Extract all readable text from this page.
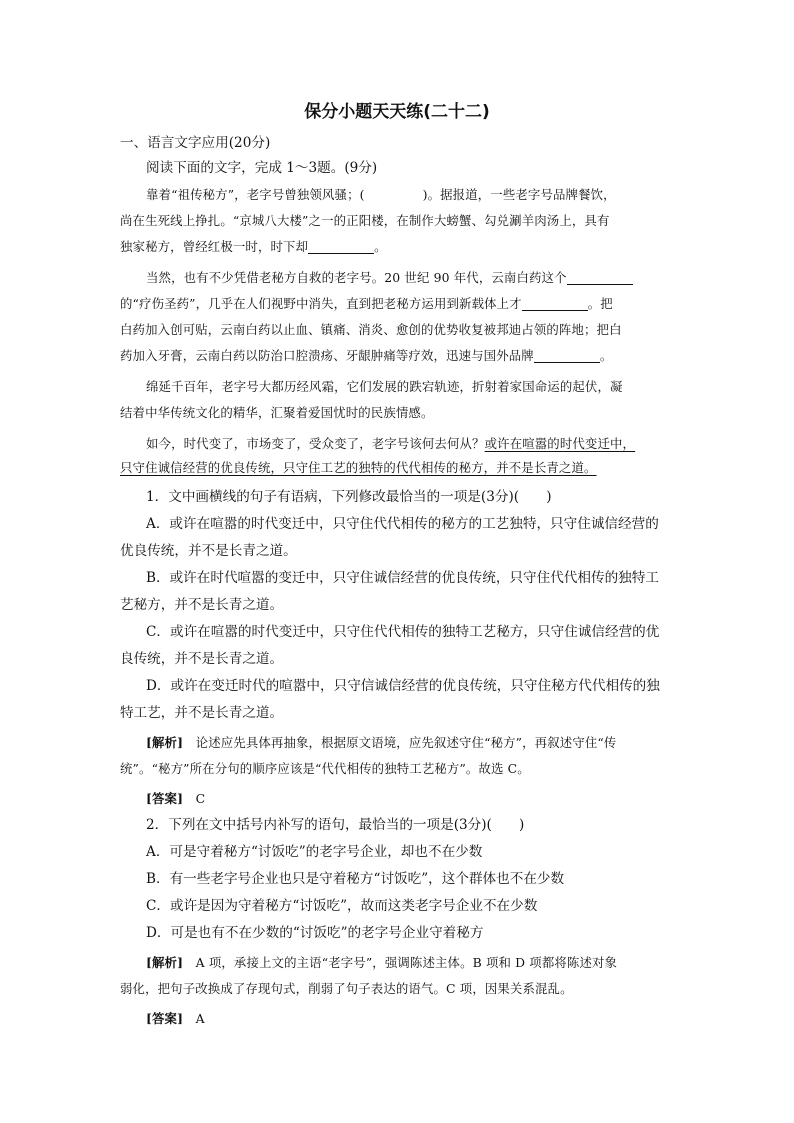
保分小题天天练(二十二)
一、语言文字应用(20分)
阅读下面的文字，完成 1～3题。(9分)
靠着“祖传秘方”，老字号曾独领风骚；(	)。据报道，一些老字号品牌餐饮，
尚在生死线上挣扎。“京城八大楼”之一的正阳楼，在制作大螃蟹、勾兑涮羊肉汤上，具有
独家秘方，曾经红极一时，时下却	。
当然，也有不少凭借老秘方自救的老字号。20 世纪 90 年代，云南白药这个
的“疗伤圣药”，几乎在人们视野中消失，直到把老秘方运用到新载体上才	。把
白药加入创可贴，云南白药以止血、镇痛、消炎、愈创的优势收复被邦迪占领的阵地；把白
药加入牙膏，云南白药以防治口腔溃疡、牙龈肿痛等疗效，迅速与国外品牌	。
绵延千百年，老字号大都历经风霜，它们发展的跌宕轨迹，折射着家国命运的起伏，凝
结着中华传统文化的精华，汇聚着爱国忧时的民族情感。
如今，时代变了，市场变了，受众变了，老字号该何去何从？或许在喧嚣的时代变迁中，
只守住诚信经营的优良传统，只守住工艺的独特的代代相传的秘方，并不是长青之道。
1．文中画横线的句子有语病，下列修改最恰当的一项是(3分)(　　)
A．或许在喧嚣的时代变迁中，只守住代代相传的秘方的工艺独特，只守住诚信经营的
优良传统，并不是长青之道。
B．或许在时代喧嚣的变迁中，只守住诚信经营的优良传统，只守住代代相传的独特工
艺秘方，并不是长青之道。
C．或许在喧嚣的时代变迁中，只守住代代相传的独特工艺秘方，只守住诚信经营的优
良传统，并不是长青之道。
D．或许在变迁时代的喧嚣中，只守信诚信经营的优良传统，只守住秘方代代相传的独
特工艺，并不是长青之道。
[解析]　 论述应先具体再抽象，根据原文语境，应先叙述守住“秘方”，再叙述守住“传
统”。“秘方”所在分句的顺序应该是“代代相传的独特工艺秘方”。故选 C。
[答案]　 C
2．下列在文中括号内补写的语句，最恰当的一项是(3分)(　　)
A．可是守着秘方“讨饭吃”的老字号企业，却也不在少数
B．有一些老字号企业也只是守着秘方“讨饭吃”，这个群体也不在少数
C．或许是因为守着秘方“讨饭吃”，故而这类老字号企业不在少数
D．可是也有不在少数的“讨饭吃”的老字号企业守着秘方
[解析]　 A 项，承接上文的主语“老字号”，强调陈述主体。B 项和 D 项都将陈述对象
弱化，把句子改换成了存现句式，削弱了句子表达的语气。C 项，因果关系混乱。
[答案]　 A
